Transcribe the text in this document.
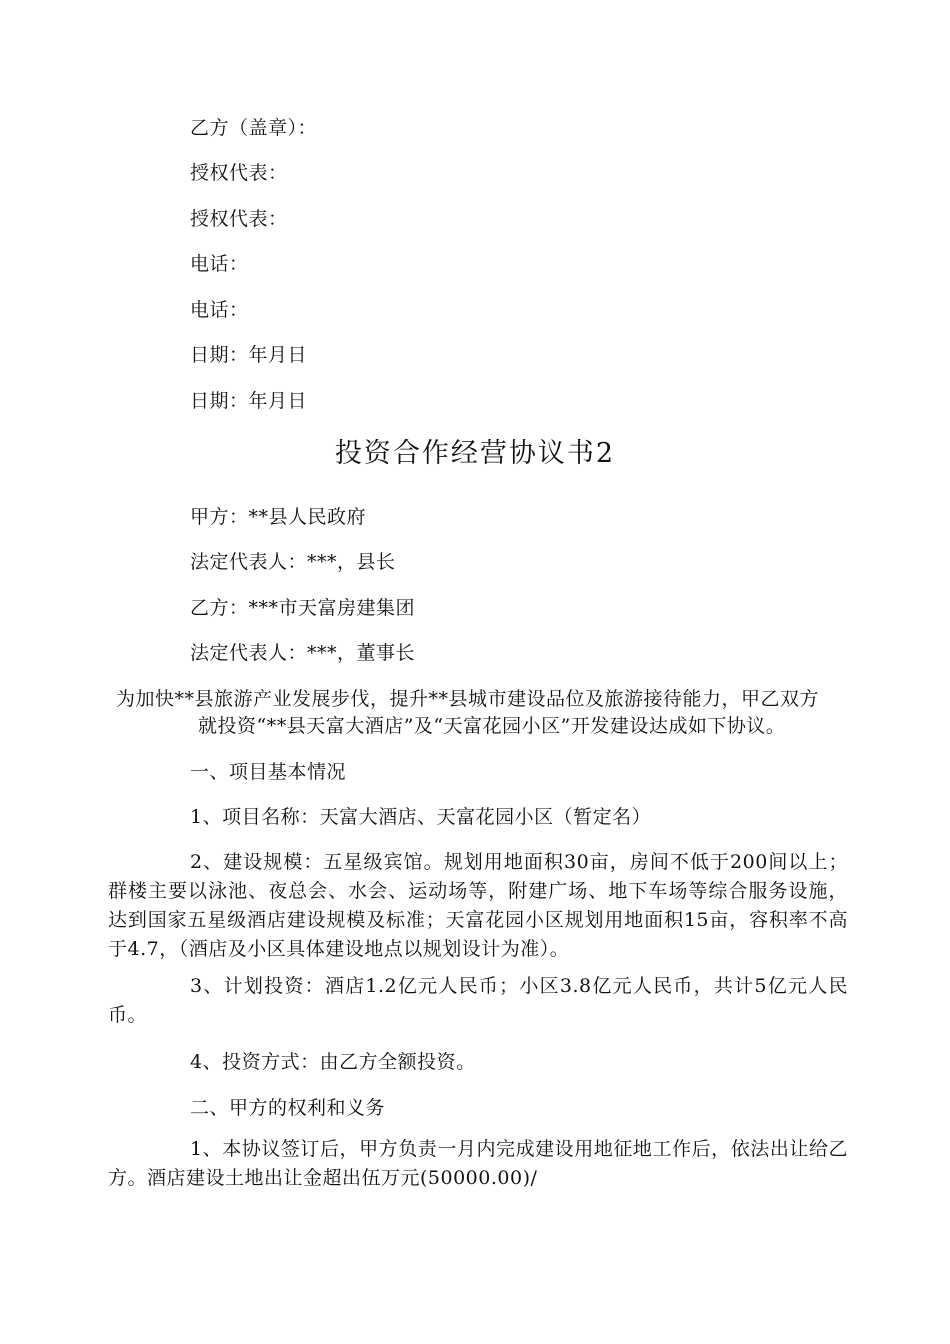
乙方（盖章）：
授权代表：
授权代表：
电话：
电话：
日期：年月日
日期：年月日
投资合作经营协议书2
甲方：**县人民政府
法定代表人：***，县长
乙方：***市天富房建集团
法定代表人：***，董事长
为加快**县旅游产业发展步伐，提升**县城市建设品位及旅游接待能力，甲乙双方
就投资“**县天富大酒店”及“天富花园小区”开发建设达成如下协议。
一、项目基本情况
1、项目名称：天富大酒店、天富花园小区（暂定名）
2、建设规模：五星级宾馆。规划用地面积30亩，房间不低于200间以上；群楼主要以泳池、夜总会、水会、运动场等，附建广场、地下车场等综合服务设施，达到国家五星级酒店建设规模及标准；天富花园小区规划用地面积15亩，容积率不高于4.7，（酒店及小区具体建设地点以规划设计为准）。
3、计划投资：酒店1.2亿元人民币；小区3.8亿元人民币，共计5亿元人民币。
4、投资方式：由乙方全额投资。
二、甲方的权利和义务
1、本协议签订后，甲方负责一月内完成建设用地征地工作后，依法出让给乙方。酒店建设土地出让金超出伍万元(50000.00)/
